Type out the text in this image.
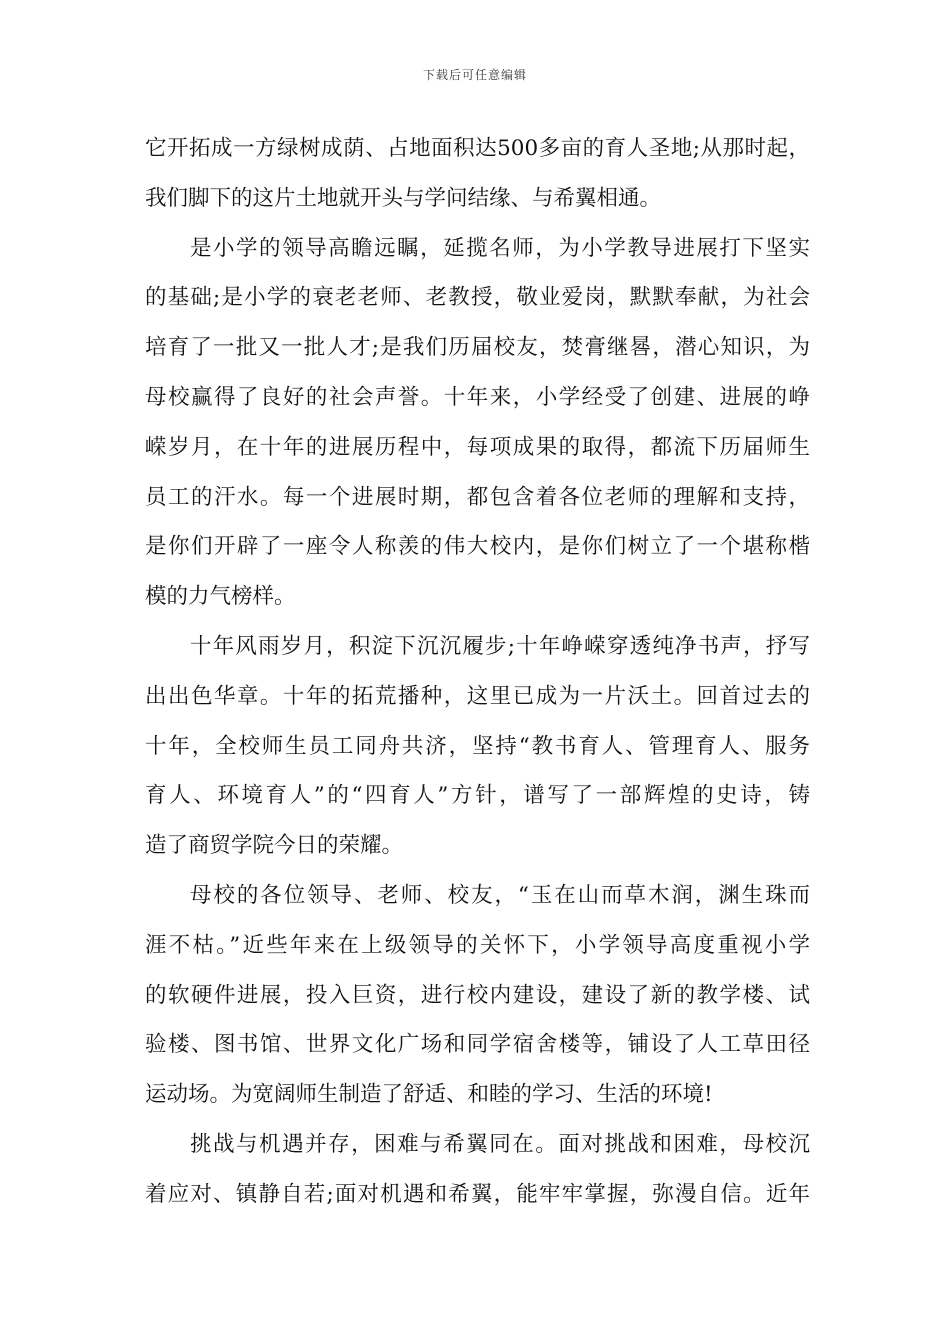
下载后可任意编辑
它开拓成一方绿树成荫、占地面积达500多亩的育人圣地;从那时起，
我们脚下的这片土地就开头与学问结缘、与希翼相通。
是小学的领导高瞻远瞩，延揽名师，为小学教导进展打下坚实
的基础;是小学的衰老老师、老教授，敬业爱岗，默默奉献，为社会
培育了一批又一批人才;是我们历届校友，焚膏继晷，潜心知识，为
母校赢得了良好的社会声誉。十年来，小学经受了创建、进展的峥
嵘岁月，在十年的进展历程中，每项成果的取得，都流下历届师生
员工的汗水。每一个进展时期，都包含着各位老师的理解和支持，
是你们开辟了一座令人称羡的伟大校内，是你们树立了一个堪称楷
模的力气榜样。
十年风雨岁月，积淀下沉沉履步;十年峥嵘穿透纯净书声，抒写
出出色华章。十年的拓荒播种，这里已成为一片沃土。回首过去的
十年，全校师生员工同舟共济，坚持“教书育人、管理育人、服务
育人、环境育人”的“四育人”方针，谱写了一部辉煌的史诗，铸
造了商贸学院今日的荣耀。
母校的各位领导、老师、校友，“玉在山而草木润，渊生珠而
涯不枯。”近些年来在上级领导的关怀下，小学领导高度重视小学
的软硬件进展，投入巨资，进行校内建设，建设了新的教学楼、试
验楼、图书馆、世界文化广场和同学宿舍楼等，铺设了人工草田径
运动场。为宽阔师生制造了舒适、和睦的学习、生活的环境!
挑战与机遇并存，困难与希翼同在。面对挑战和困难，母校沉
着应对、镇静自若;面对机遇和希翼，能牢牢掌握，弥漫自信。近年
